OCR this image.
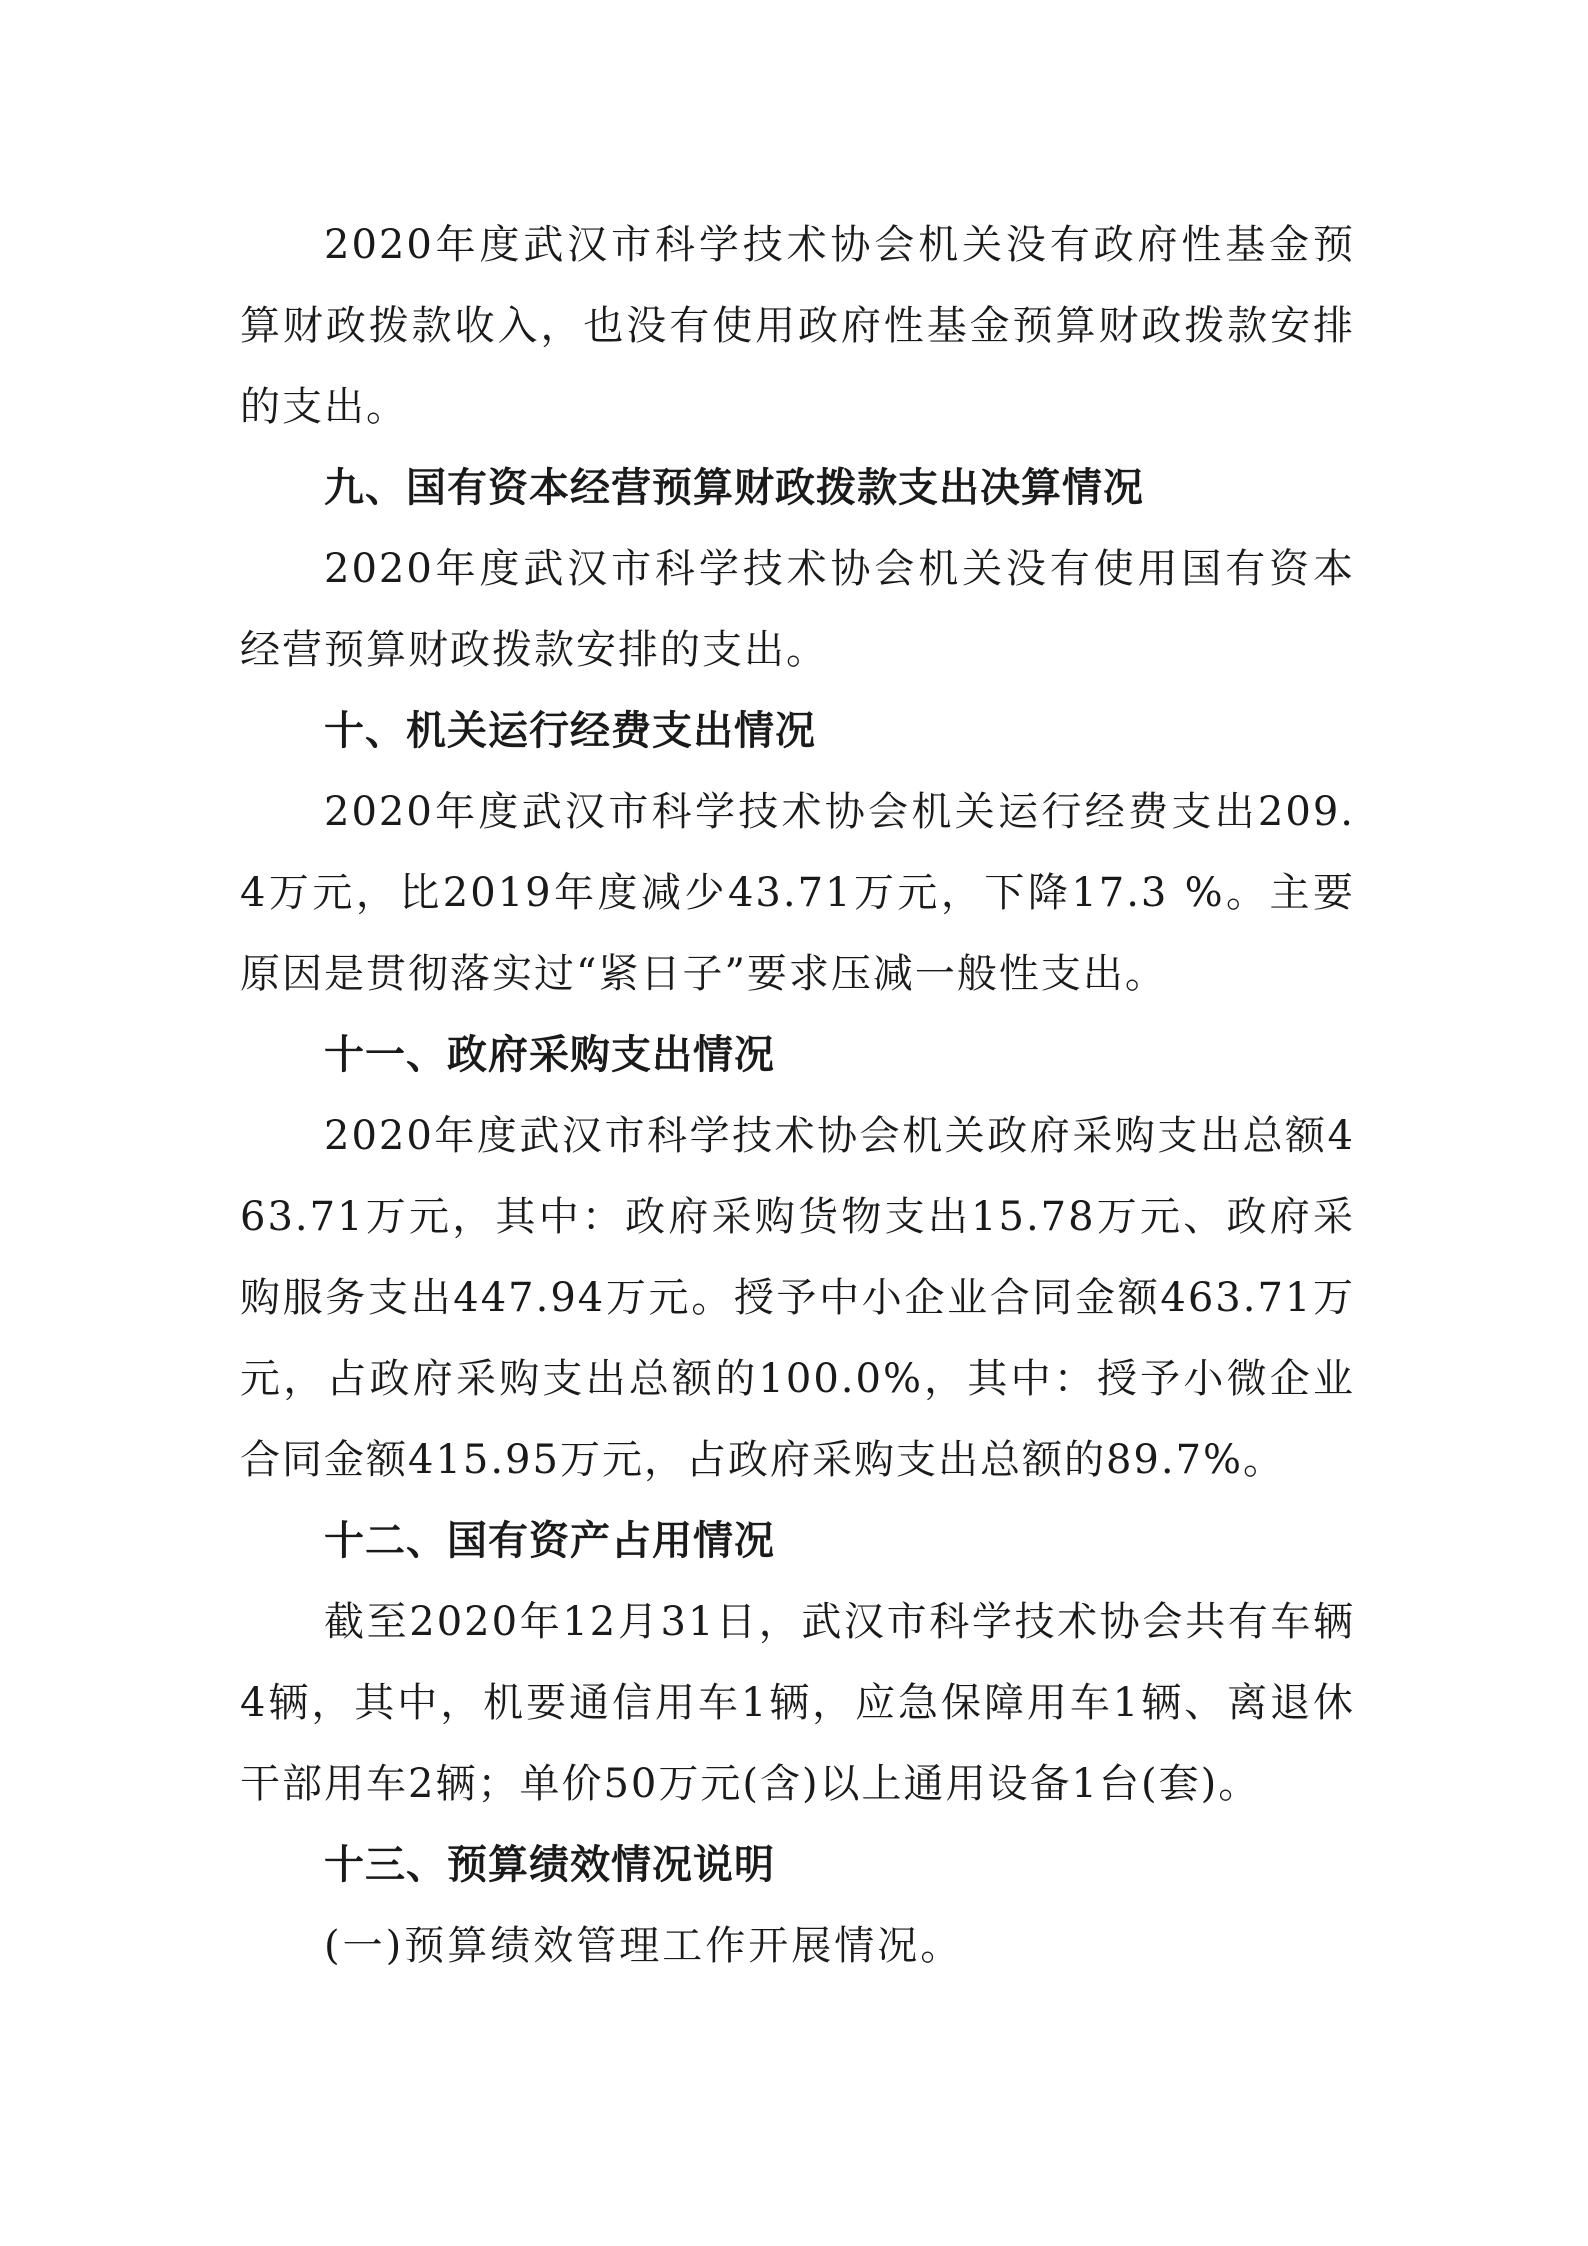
2020年度武汉市科学技术协会机关没有政府性基金预算财政拨款收入，也没有使用政府性基金预算财政拨款安排的支出。

九、国有资本经营预算财政拨款支出决算情况

2020年度武汉市科学技术协会机关没有使用国有资本经营预算财政拨款安排的支出。

十、机关运行经费支出情况

2020年度武汉市科学技术协会机关运行经费支出209.4万元，比2019年度减少43.71万元，下降17.3 %。主要原因是贯彻落实过“紧日子”要求压减一般性支出。

十一、政府采购支出情况

2020年度武汉市科学技术协会机关政府采购支出总额463.71万元，其中：政府采购货物支出15.78万元、政府采购服务支出447.94万元。授予中小企业合同金额463.71万元，占政府采购支出总额的100.0%，其中：授予小微企业合同金额415.95万元，占政府采购支出总额的89.7%。

十二、国有资产占用情况

截至2020年12月31日，武汉市科学技术协会共有车辆4辆，其中，机要通信用车1辆，应急保障用车1辆、离退休干部用车2辆；单价50万元(含)以上通用设备1台(套)。

十三、预算绩效情况说明

(一)预算绩效管理工作开展情况。
